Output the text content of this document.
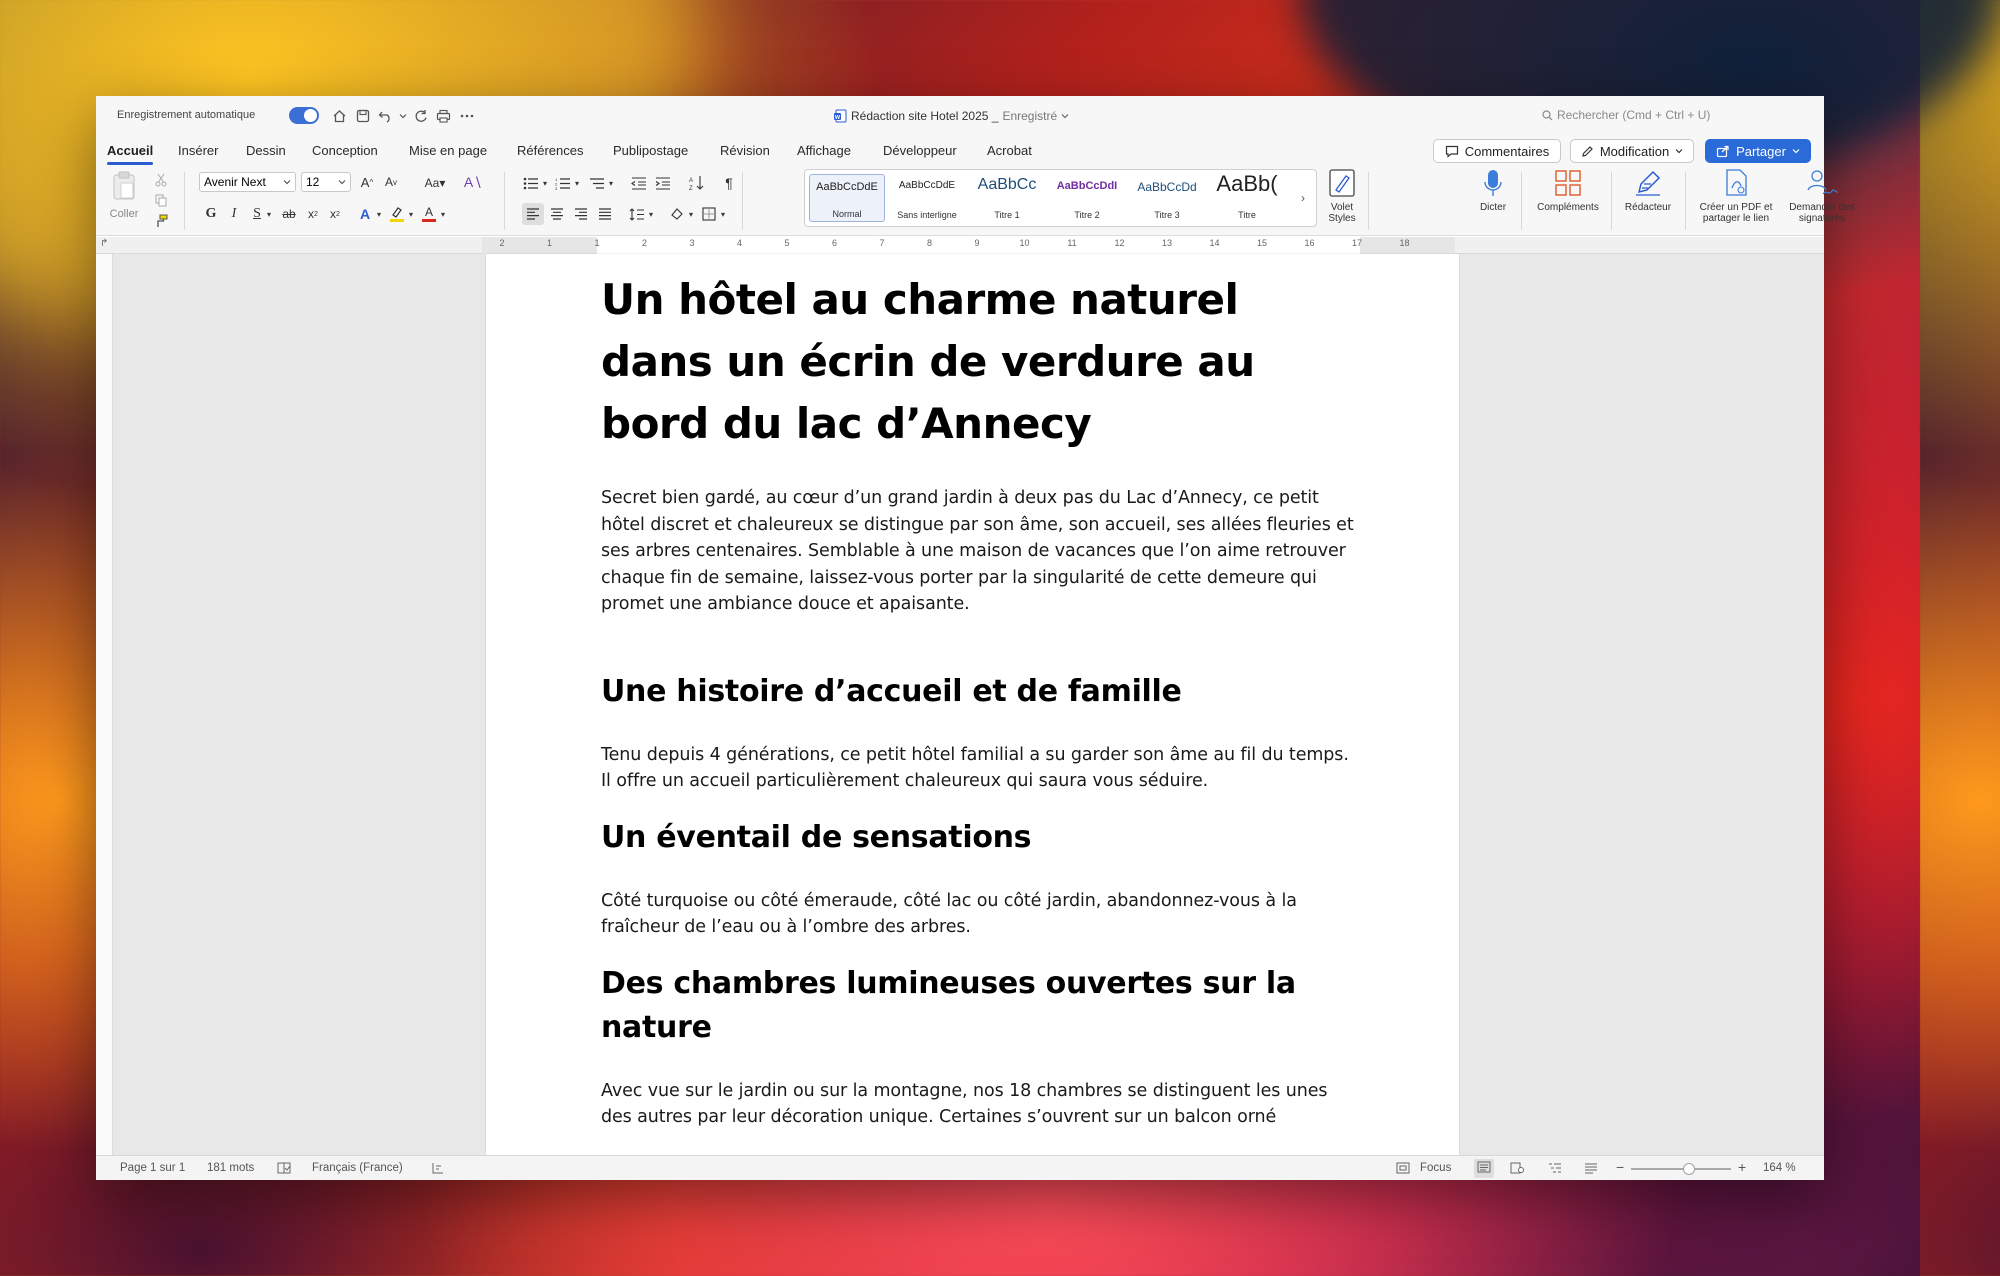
Enregistrement automatique	W Rédaction site Hotel 2025 _ Enregistré	Rechercher (Cmd + Ctrl + U)
Accueil Insérer Dessin Conception Mise en page Références Publipostage Révision Affichage Développeur Acrobat	Commentaires	Modification	Partager
Coller
Avenir Next	12	A ^ A v	Aa▾	A∖
G	I	S ▾ ab	x 2	x 2	A ▾	▾ A ▾
▾	1
2
3
▾	▾	A
Z	¶
▾	▾	▾
AaBbCcDdE
Normal
AaBbCcDdE
Sans interligne
AaBbCc
Titre 1
AaBbCcDdI
Titre 2
AaBbCcDd
Titre 3
AaBb(
Titre
›
Volet
Styles
Dicter	Compléments	Rédacteur	Créer un PDF et
partager le lien
Demander des
signatures
↱	2	1	1	2	3	4	5	6	7	8	9	10	11	12	13	14	15	16	17	18
Un hôtel au charme naturel dans un écrin de verdure au bord du lac d’Annecy
Secret bien gardé, au cœur d’un grand jardin à deux pas du Lac d’Annecy, ce petit hôtel discret et chaleureux se distingue par son âme, son accueil, ses allées fleuries et ses arbres centenaires. Semblable à une maison de vacances que l’on aime retrouver chaque fin de semaine, laissez-vous porter par la singularité de cette demeure qui promet une ambiance douce et apaisante.
Une histoire d’accueil et de famille
Tenu depuis 4 générations, ce petit hôtel familial a su garder son âme au fil du temps. Il offre un accueil particulièrement chaleureux qui saura vous séduire.
Un éventail de sensations
Côté turquoise ou côté émeraude, côté lac ou côté jardin, abandonnez-vous à la fraîcheur de l’eau ou à l’ombre des arbres.
Des chambres lumineuses ouvertes sur la nature
Avec vue sur le jardin ou sur la montagne, nos 18 chambres se distinguent les unes des autres par leur décoration unique. Certaines s’ouvrent sur un balcon orné
Page 1 sur 1 181 mots	Français (France)	Focus	−	+ 164 %
